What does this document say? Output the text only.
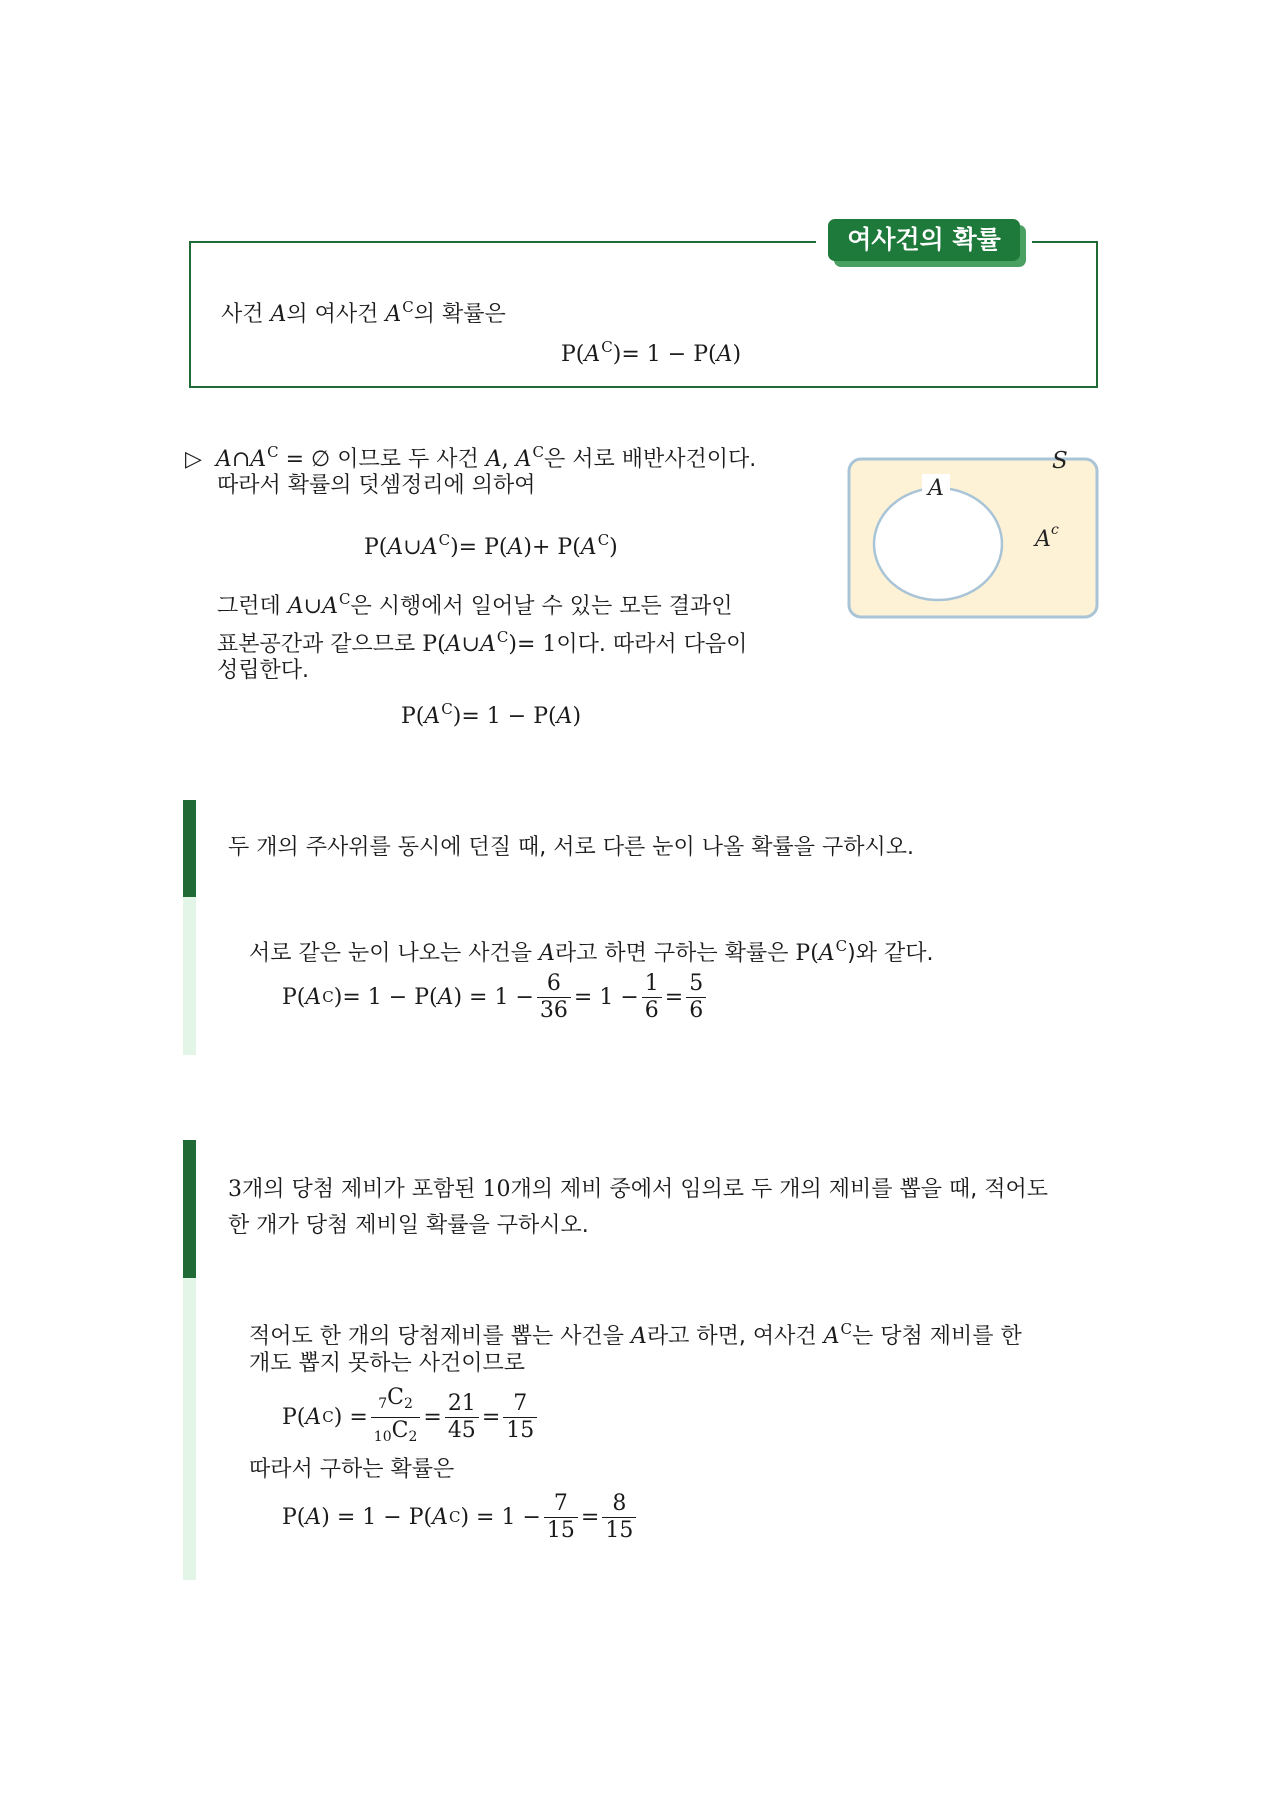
여사건의 확률
사건 A의 여사건 $A^C$의 확률은
$P(A^C)= 1 - P(A)$
▷ $A\cap A^C$ = ∅ 이므로 두 사건 A, $A^C$은 서로 배반사건이다.
따라서 확률의 덧셈정리에 의하여
$P(A\cup A^C)= P(A)+ P(A^C)$
그런데 $A\cup A^C$은 시행에서 일어날 수 있는 모든 결과인
표본공간과 같으므로 $P(A\cup A^C)= 1$이다. 따라서 다음이
성립한다.
$P(A^C)= 1 - P(A)$
S
A
A c
두 개의 주사위를 동시에 던질 때, 서로 다른 눈이 나올 확률을 구하시오.
서로 같은 눈이 나오는 사건을 A라고 하면 구하는 확률은 $P(A^C)$와 같다.
P( A C )= 1 − P( A ) = $1 - \frac{6}{36} = 1 - \frac{1}{6} = \frac{5}{6}$
3개의 당첨 제비가 포함된 10개의 제비 중에서 임의로 두 개의 제비를 뽑을 때, 적어도
한 개가 당첨 제비일 확률을 구하시오.
적어도 한 개의 당첨제비를 뽑는 사건을 A라고 하면, 여사건 $A^C$는 당첨 제비를 한
개도 뽑지 못하는 사건이므로
P( A C ) = $\frac{_7C_2}{_{10}C_2} = \frac{21}{45} = \frac{7}{15}$
따라서 구하는 확률은
P( A ) = 1 − P( A C ) = $1 - \frac{7}{15} = \frac{8}{15}$
